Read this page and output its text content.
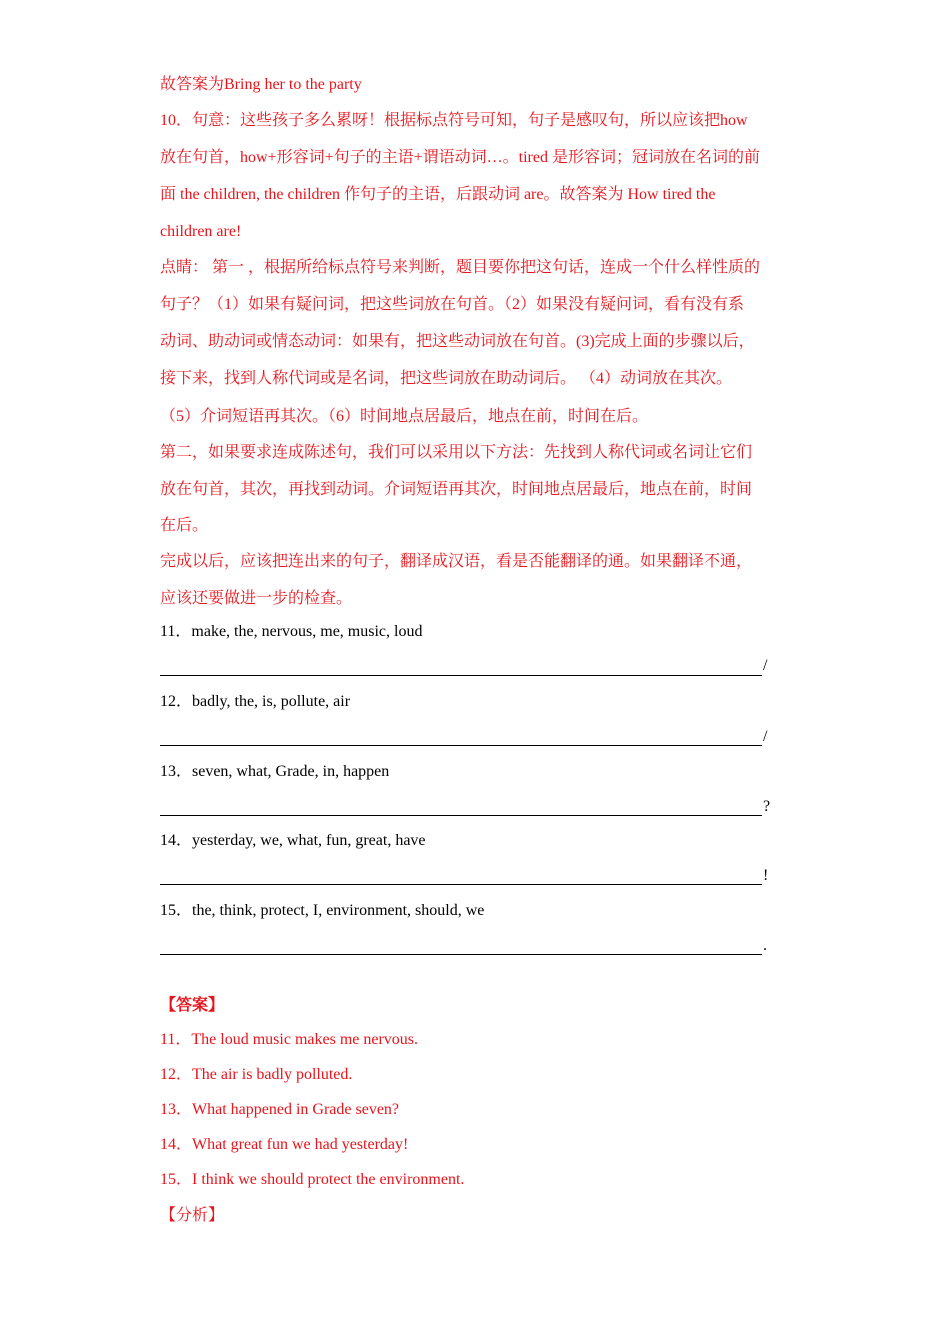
故答案为Bring her to the party
10．句意：这些孩子多么累呀！根据标点符号可知，句子是感叹句，所以应该把how
放在句首，how+形容词+句子的主语+谓语动词…。tired 是形容词；冠词放在名词的前
面 the children, the children 作句子的主语，后跟动词 are。故答案为 How tired the
children are!
点睛： 第一 ，根据所给标点符号来判断，题目要你把这句话，连成一个什么样性质的
句子？（1）如果有疑问词，把这些词放在句首。（2）如果没有疑问词，看有没有系
动词、助动词或情态动词：如果有，把这些动词放在句首。(3)完成上面的步骤以后，
接下来，找到人称代词或是名词，把这些词放在助动词后。 （4）动词放在其次。
（5）介词短语再其次。（6）时间地点居最后，地点在前，时间在后。
第二，如果要求连成陈述句，我们可以采用以下方法：先找到人称代词或名词让它们
放在句首，其次，再找到动词。介词短语再其次，时间地点居最后，地点在前，时间
在后。
完成以后，应该把连出来的句子，翻译成汉语，看是否能翻译的通。如果翻译不通，
应该还要做进一步的检查。
11．make, the, nervous, me, music, loud
/
12．badly, the, is, pollute, air
/
13．seven, what, Grade, in, happen
?
14．yesterday, we, what, fun, great, have
!
15．the, think, protect, I, environment, should, we
.
【答案】
11．The loud music makes me nervous.
12．The air is badly polluted.
13．What happened in Grade seven?
14．What great fun we had yesterday!
15．I think we should protect the environment.
【分析】
